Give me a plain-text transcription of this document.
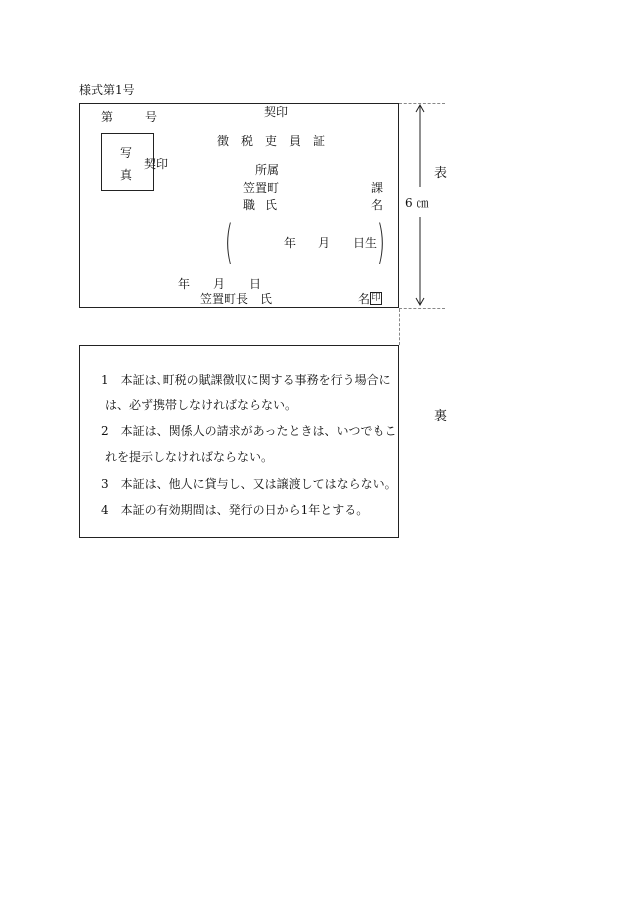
様式第1号
第	号	契印
写
真
契印
徴　税　吏　員　証
所属
笠置町	課
職 氏	名
(	年 月 日生 )
年 月 日
笠置町長　氏	名 印
6 ㎝
表
1　本証は､町税の賦課徴収に関する事務を行う場合に
は、必ず携帯しなければならない。
2　本証は、関係人の請求があったときは、いつでもこ
れを提示しなければならない。
3　本証は、他人に貸与し、又は譲渡してはならない。
4　本証の有効期間は、発行の日から1年とする。
裏
